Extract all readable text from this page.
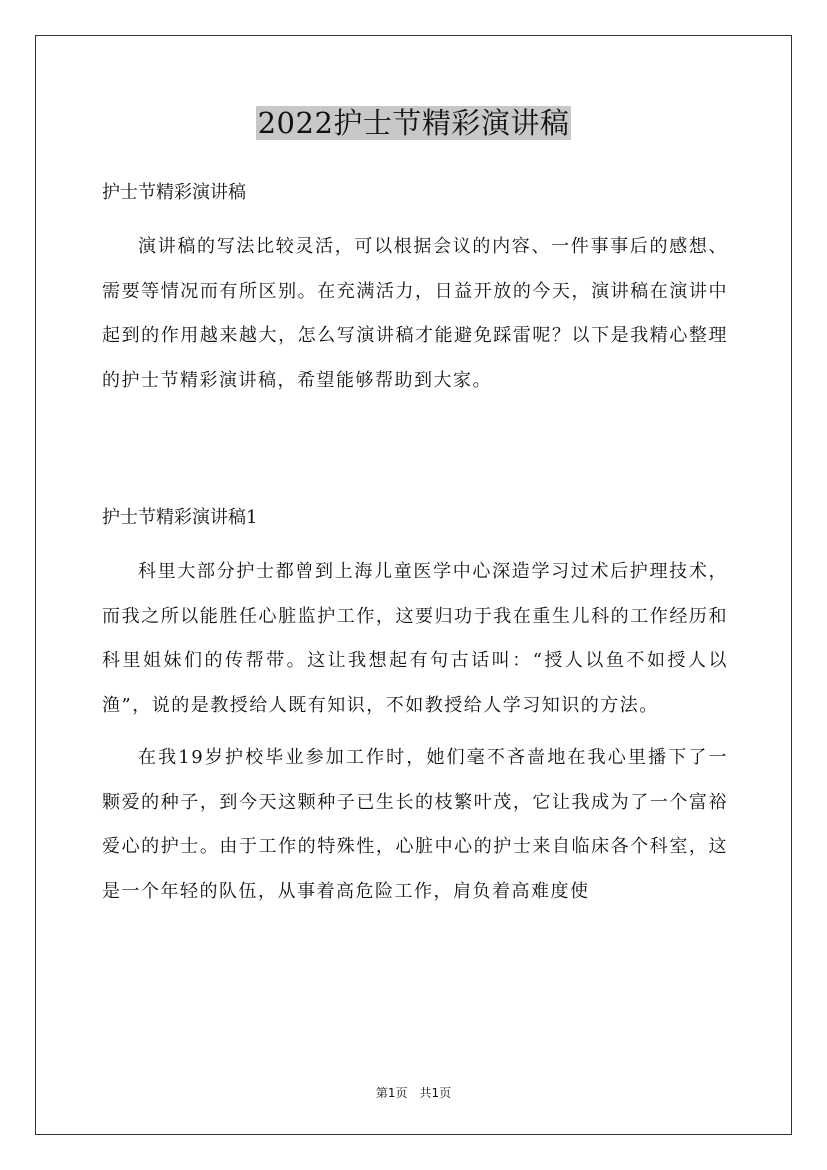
2022护士节精彩演讲稿
护士节精彩演讲稿

演讲稿的写法比较灵活，可以根据会议的内容、一件事事后的感想、需要等情况而有所区别。在充满活力，日益开放的今天，演讲稿在演讲中起到的作用越来越大，怎么写演讲稿才能避免踩雷呢？以下是我精心整理的护士节精彩演讲稿，希望能够帮助到大家。

护士节精彩演讲稿1

科里大部分护士都曾到上海儿童医学中心深造学习过术后护理技术，而我之所以能胜任心脏监护工作，这要归功于我在重生儿科的工作经历和科里姐妹们的传帮带。这让我想起有句古话叫：“授人以鱼不如授人以渔”，说的是教授给人既有知识，不如教授给人学习知识的方法。

在我19岁护校毕业参加工作时，她们毫不吝啬地在我心里播下了一颗爱的种子，到今天这颗种子已生长的枝繁叶茂，它让我成为了一个富裕爱心的护士。由于工作的特殊性，心脏中心的护士来自临床各个科室，这是一个年轻的队伍，从事着高危险工作，肩负着高难度使

第1页　共1页
